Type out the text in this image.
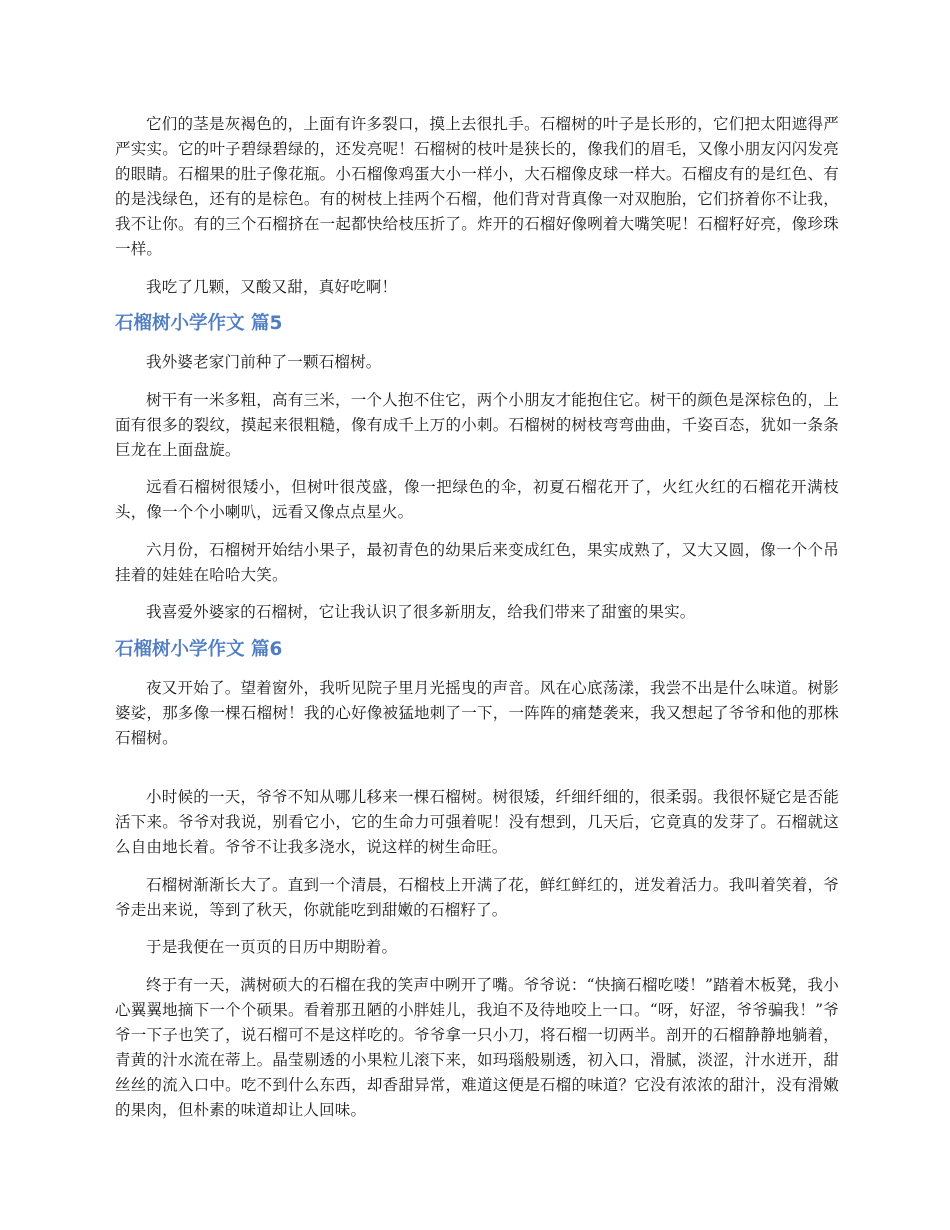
它们的茎是灰褐色的，上面有许多裂口，摸上去很扎手。石榴树的叶子是长形的，它们把太阳遮得严严实实。它的叶子碧绿碧绿的，还发亮呢！石榴树的枝叶是狭长的，像我们的眉毛，又像小朋友闪闪发亮的眼睛。石榴果的肚子像花瓶。小石榴像鸡蛋大小一样小，大石榴像皮球一样大。石榴皮有的是红色、有的是浅绿色，还有的是棕色。有的树枝上挂两个石榴，他们背对背真像一对双胞胎，它们挤着你不让我，我不让你。有的三个石榴挤在一起都快给枝压折了。炸开的石榴好像咧着大嘴笑呢！石榴籽好亮，像珍珠一样。

我吃了几颗，又酸又甜，真好吃啊！

石榴树小学作文 篇5

我外婆老家门前种了一颗石榴树。

树干有一米多粗，高有三米，一个人抱不住它，两个小朋友才能抱住它。树干的颜色是深棕色的，上面有很多的裂纹，摸起来很粗糙，像有成千上万的小刺。石榴树的树枝弯弯曲曲，千姿百态，犹如一条条巨龙在上面盘旋。

远看石榴树很矮小，但树叶很茂盛，像一把绿色的伞，初夏石榴花开了，火红火红的石榴花开满枝头，像一个个小喇叭，远看又像点点星火。

六月份，石榴树开始结小果子，最初青色的幼果后来变成红色，果实成熟了，又大又圆，像一个个吊挂着的娃娃在哈哈大笑。

我喜爱外婆家的石榴树，它让我认识了很多新朋友，给我们带来了甜蜜的果实。

石榴树小学作文 篇6

夜又开始了。望着窗外，我听见院子里月光摇曳的声音。风在心底荡漾，我尝不出是什么味道。树影婆娑，那多像一棵石榴树！我的心好像被猛地刺了一下，一阵阵的痛楚袭来，我又想起了爷爷和他的那株石榴树。

小时候的一天，爷爷不知从哪儿移来一棵石榴树。树很矮，纤细纤细的，很柔弱。我很怀疑它是否能活下来。爷爷对我说，别看它小，它的生命力可强着呢！没有想到，几天后，它竟真的发芽了。石榴就这么自由地长着。爷爷不让我多浇水，说这样的树生命旺。

石榴树渐渐长大了。直到一个清晨，石榴枝上开满了花，鲜红鲜红的，迸发着活力。我叫着笑着，爷爷走出来说，等到了秋天，你就能吃到甜嫩的石榴籽了。

于是我便在一页页的日历中期盼着。

终于有一天，满树硕大的石榴在我的笑声中咧开了嘴。爷爷说：“快摘石榴吃喽！”踏着木板凳，我小心翼翼地摘下一个个硕果。看着那丑陋的小胖娃儿，我迫不及待地咬上一口。“呀，好涩，爷爷骗我！”爷爷一下子也笑了，说石榴可不是这样吃的。爷爷拿一只小刀，将石榴一切两半。剖开的石榴静静地躺着，青黄的汁水流在蒂上。晶莹剔透的小果粒儿滚下来，如玛瑙般剔透，初入口，滑腻，淡涩，汁水迸开，甜丝丝的流入口中。吃不到什么东西，却香甜异常，难道这便是石榴的味道？它没有浓浓的甜汁，没有滑嫩的果肉，但朴素的味道却让人回味。
